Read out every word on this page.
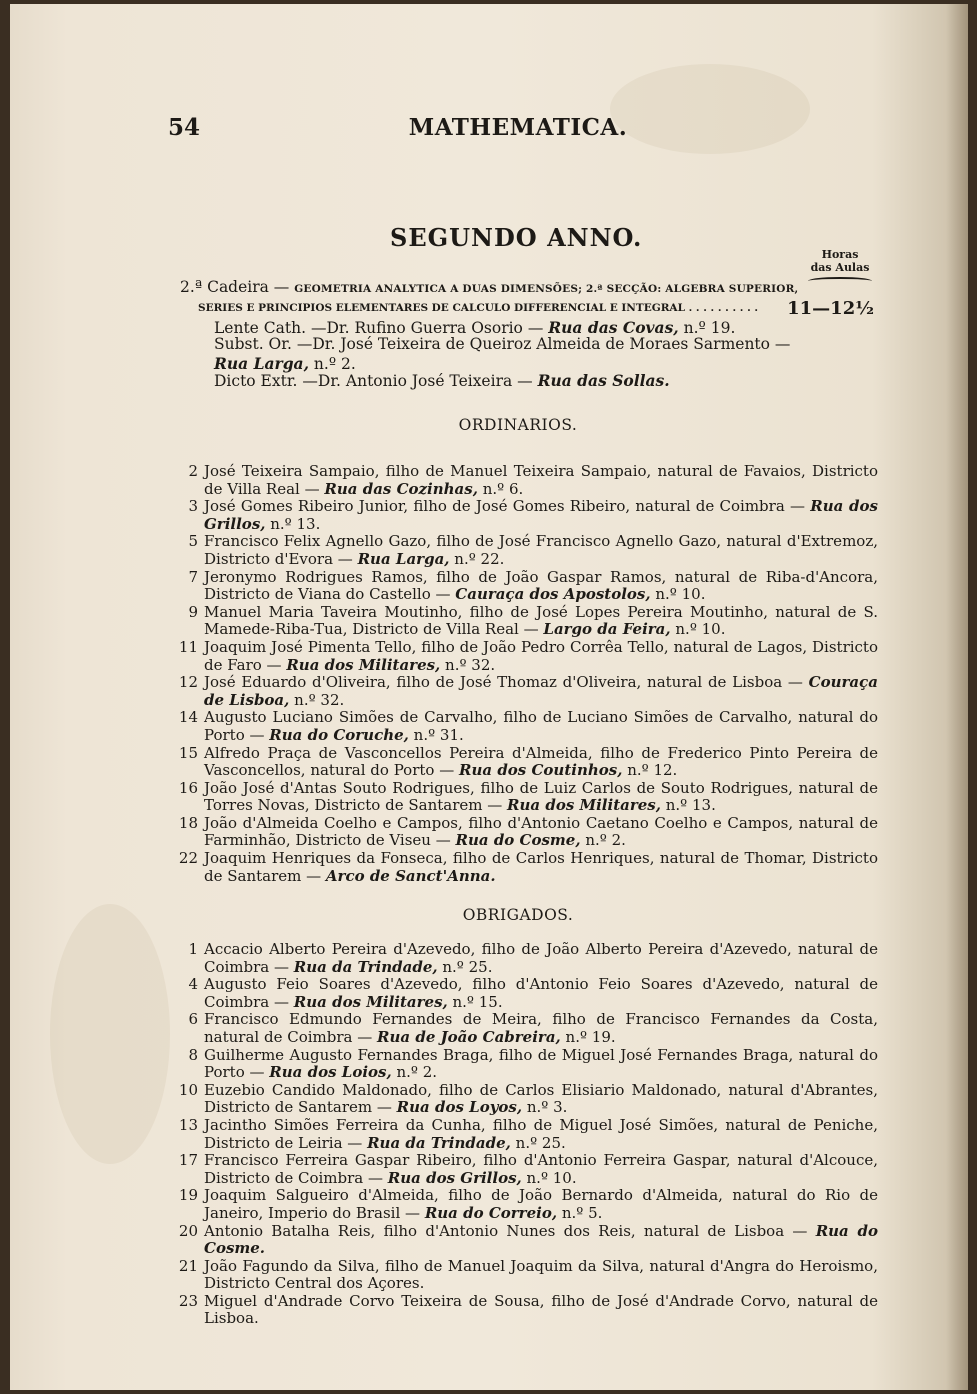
54	MATHEMATICA.
SEGUNDO ANNO.
Horas
das Aulas
2.ª Cadeira — GEOMETRIA ANALYTICA A DUAS DIMENSÕES; 2.ª SECÇÃO: ALGEBRA SUPERIOR,
SERIES E PRINCIPIOS ELEMENTARES DE CALCULO DIFFERENCIAL E INTEGRAL . . . . . . . . . .	11—12½
Lente Cath. —Dr. Rufino Guerra Osorio — Rua das Covas, n.º 19.
Subst. Or. —Dr. José Teixeira de Queiroz Almeida de Moraes Sarmento — Rua Larga, n.º 2.
Dicto Extr. —Dr. Antonio José Teixeira — Rua das Sollas.
ORDINARIOS.
2 José Teixeira Sampaio, filho de Manuel Teixeira Sampaio, natural de Favaios, Districto de Villa Real — Rua das Cozinhas, n.º 6.
3 José Gomes Ribeiro Junior, filho de José Gomes Ribeiro, natural de Coimbra — Rua dos Grillos, n.º 13.
5 Francisco Felix Agnello Gazo, filho de José Francisco Agnello Gazo, natural d'Extremoz, Districto d'Evora — Rua Larga, n.º 22.
7 Jeronymo Rodrigues Ramos, filho de João Gaspar Ramos, natural de Riba-d'Ancora, Districto de Viana do Castello — Cauraça dos Apostolos, n.º 10.
9 Manuel Maria Taveira Moutinho, filho de José Lopes Pereira Moutinho, natural de S. Mamede-Riba-Tua, Districto de Villa Real — Largo da Feira, n.º 10.
11 Joaquim José Pimenta Tello, filho de João Pedro Corrêa Tello, natural de Lagos, Districto de Faro — Rua dos Militares, n.º 32.
12 José Eduardo d'Oliveira, filho de José Thomaz d'Oliveira, natural de Lisboa — Couraça de Lisboa, n.º 32.
14 Augusto Luciano Simões de Carvalho, filho de Luciano Simões de Carvalho, natural do Porto — Rua do Coruche, n.º 31.
15 Alfredo Praça de Vasconcellos Pereira d'Almeida, filho de Frederico Pinto Pereira de Vasconcellos, natural do Porto — Rua dos Coutinhos, n.º 12.
16 João José d'Antas Souto Rodrigues, filho de Luiz Carlos de Souto Rodrigues, natural de Torres Novas, Districto de Santarem — Rua dos Militares, n.º 13.
18 João d'Almeida Coelho e Campos, filho d'Antonio Caetano Coelho e Campos, natural de Farminhão, Districto de Viseu — Rua do Cosme, n.º 2.
22 Joaquim Henriques da Fonseca, filho de Carlos Henriques, natural de Thomar, Districto de Santarem — Arco de Sanct'Anna.
OBRIGADOS.
1 Accacio Alberto Pereira d'Azevedo, filho de João Alberto Pereira d'Azevedo, natural de Coimbra — Rua da Trindade, n.º 25.
4 Augusto Feio Soares d'Azevedo, filho d'Antonio Feio Soares d'Azevedo, natural de Coimbra — Rua dos Militares, n.º 15.
6 Francisco Edmundo Fernandes de Meira, filho de Francisco Fernandes da Costa, natural de Coimbra — Rua de João Cabreira, n.º 19.
8 Guilherme Augusto Fernandes Braga, filho de Miguel José Fernandes Braga, natural do Porto — Rua dos Loios, n.º 2.
10 Euzebio Candido Maldonado, filho de Carlos Elisiario Maldonado, natural d'Abrantes, Districto de Santarem — Rua dos Loyos, n.º 3.
13 Jacintho Simões Ferreira da Cunha, filho de Miguel José Simões, natural de Peniche, Districto de Leiria — Rua da Trindade, n.º 25.
17 Francisco Ferreira Gaspar Ribeiro, filho d'Antonio Ferreira Gaspar, natural d'Alcouce, Districto de Coimbra — Rua dos Grillos, n.º 10.
19 Joaquim Salgueiro d'Almeida, filho de João Bernardo d'Almeida, natural do Rio de Janeiro, Imperio do Brasil — Rua do Correio, n.º 5.
20 Antonio Batalha Reis, filho d'Antonio Nunes dos Reis, natural de Lisboa — Rua do Cosme.
21 João Fagundo da Silva, filho de Manuel Joaquim da Silva, natural d'Angra do Heroismo, Districto Central dos Açores.
23 Miguel d'Andrade Corvo Teixeira de Sousa, filho de José d'Andrade Corvo, natural de Lisboa.
